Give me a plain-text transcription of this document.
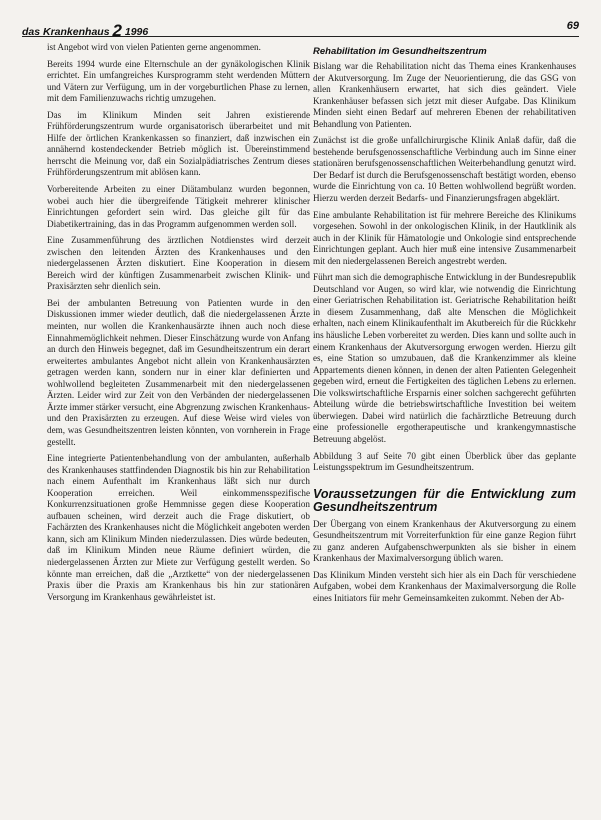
das Krankenhaus 2 1996	69

ist Angebot wird von vielen Patienten gerne angenommen.

Bereits 1994 wurde eine Elternschule an der gynäkologischen Klinik errichtet. Ein umfangreiches Kursprogramm steht werdenden Müttern und Vätern zur Verfügung, um in der vorgeburtlichen Phase zu lernen, mit dem Familienzuwachs richtig umzugehen.

Das im Klinikum Minden seit Jahren existierende Frühförderungszentrum wurde organisatorisch überarbeitet und mit Hilfe der örtlichen Krankenkassen so finanziert, daß inzwischen ein annähernd kostendeckender Betrieb möglich ist. Übereinstimmend herrscht die Meinung vor, daß ein Sozialpädiatrisches Zentrum dieses Frühförderungszentrum mit ablösen kann.

Vorbereitende Arbeiten zu einer Diätambulanz wurden begonnen, wobei auch hier die übergreifende Tätigkeit mehrerer klinischer Einrichtungen gefordert sein wird. Das gleiche gilt für das Diabetikertraining, das in das Programm aufgenommen werden soll.

Eine Zusammenführung des ärztlichen Notdienstes wird derzeit zwischen den leitenden Ärzten des Krankenhauses und den niedergelassenen Ärzten diskutiert. Eine Kooperation in diesem Bereich wird der künftigen Zusammenarbeit zwischen Klinik- und Praxisärzten sehr dienlich sein.

Bei der ambulanten Betreuung von Patienten wurde in den Diskussionen immer wieder deutlich, daß die niedergelassenen Ärzte meinten, nur wollen die Krankenhausärzte ihnen auch noch diese Einnahmemöglichkeit nehmen. Dieser Einschätzung wurde von Anfang an durch den Hinweis begegnet, daß im Gesundheitszentrum ein derart erweitertes ambulantes Angebot nicht allein von Krankenhausärzten getragen werden kann, sondern nur in einer klar definierten und wohlwollend begleiteten Zusammenarbeit mit den niedergelassenen Ärzten. Leider wird zur Zeit von den Verbänden der niedergelassenen Ärzte immer stärker versucht, eine Abgrenzung zwischen Krankenhaus- und den Praxisärzten zu erzeugen. Auf diese Weise wird vieles von dem, was Gesundheitszentren leisten könnten, von vornherein in Frage gestellt.

Eine integrierte Patientenbehandlung von der ambulanten, außerhalb des Krankenhauses stattfindenden Diagnostik bis hin zur Rehabilitation nach einem Aufenthalt im Krankenhaus läßt sich nur durch Kooperation erreichen. Weil einkommensspezifische Konkurrenzsituationen große Hemmnisse gegen diese Kooperation aufbauen scheinen, wird derzeit auch die Frage diskutiert, ob Fachärzten des Krankenhauses nicht die Möglichkeit angeboten werden kann, sich am Klinikum Minden niederzulassen. Dies würde bedeuten, daß im Klinikum Minden neue Räume definiert würden, die niedergelassenen Ärzten zur Miete zur Verfügung gestellt werden. So könnte man erreichen, daß die „Arztkette“ von der niedergelassenen Praxis über die Praxis am Krankenhaus bis hin zur stationären Versorgung im Krankenhaus gewährleistet ist.

Rehabilitation im Gesundheitszentrum

Bislang war die Rehabilitation nicht das Thema eines Krankenhauses der Akutversorgung. Im Zuge der Neuorientierung, die das GSG von allen Krankenhäusern erwartet, hat sich dies geändert. Viele Krankenhäuser befassen sich jetzt mit dieser Aufgabe. Das Klinikum Minden sieht einen Bedarf auf mehreren Ebenen der rehabilitativen Behandlung von Patienten.

Zunächst ist die große unfallchirurgische Klinik Anlaß dafür, daß die bestehende berufsgenossenschaftliche Verbindung auch im Sinne einer stationären berufsgenossenschaftlichen Weiterbehandlung genutzt wird. Der Bedarf ist durch die Berufsgenossenschaft bestätigt worden, ebenso wurde die Einrichtung von ca. 10 Betten wohlwollend begrüßt worden. Hierzu werden derzeit Bedarfs- und Finanzierungsfragen abgeklärt.

Eine ambulante Rehabilitation ist für mehrere Bereiche des Klinikums vorgesehen. Sowohl in der onkologischen Klinik, in der Hautklinik als auch in der Klinik für Hämatologie und Onkologie sind entsprechende Einrichtungen geplant. Auch hier muß eine intensive Zusammenarbeit mit den niedergelassenen Bereich angestrebt werden.

Führt man sich die demographische Entwicklung in der Bundesrepublik Deutschland vor Augen, so wird klar, wie notwendig die Einrichtung einer Geriatrischen Rehabilitation ist. Geriatrische Rehabilitation heißt in diesem Zusammenhang, daß alte Menschen die Möglichkeit erhalten, nach einem Klinikaufenthalt im Akutbereich für die Rückkehr ins häusliche Leben vorbereitet zu werden. Dies kann und sollte auch in einem Krankenhaus der Akutversorgung erwogen werden. Hierzu gilt es, eine Station so umzubauen, daß die Krankenzimmer als kleine Appartements dienen können, in denen der alten Patienten Gelegenheit gegeben wird, erneut die Fertigkeiten des täglichen Lebens zu erlernen. Die volkswirtschaftliche Ersparnis einer solchen sachgerecht geführten Abteilung würde die betriebswirtschaftliche Investition bei weitem überwiegen. Dabei wird natürlich die fachärztliche Betreuung durch eine professionelle ergotherapeutische und krankengymnastische Betreuung abgelöst.

Abbildung 3 auf Seite 70 gibt einen Überblick über das geplante Leistungsspektrum im Gesundheitszentrum.

Voraussetzungen für die Entwicklung zum Gesundheitszentrum

Der Übergang von einem Krankenhaus der Akutversorgung zu einem Gesundheitszentrum mit Vorreiterfunktion für eine ganze Region führt zu ganz anderen Aufgabenschwerpunkten als sie bisher in einem Krankenhaus der Maximalversorgung üblich waren.

Das Klinikum Minden versteht sich hier als ein Dach für verschiedene Aufgaben, wobei dem Krankenhaus der Maximalversorgung die Rolle eines Initiators für mehr Gemeinsamkeiten zukommt. Neben der Ab-
